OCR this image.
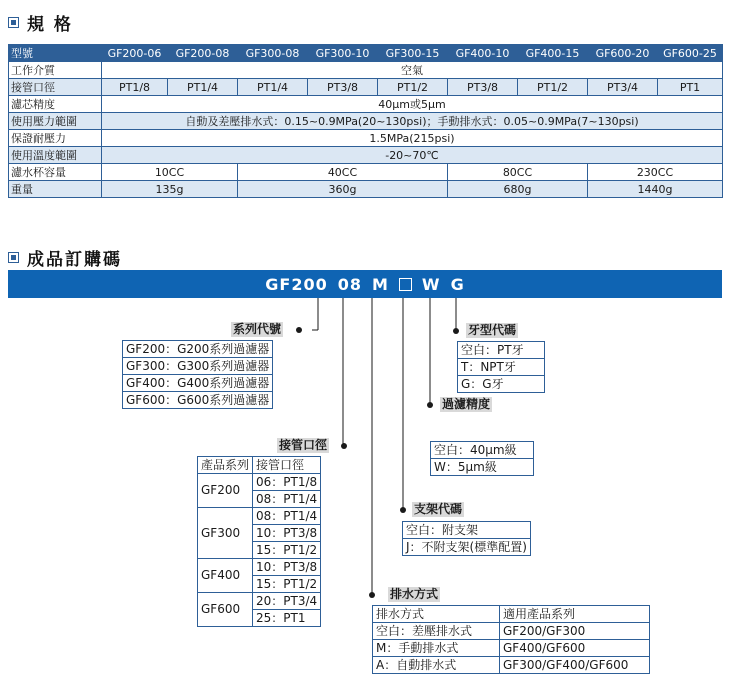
規 格
型號	GF200-06	GF200-08	GF300-08	GF300-10	GF300-15	GF400-10	GF400-15	GF600-20	GF600-25
工作介質	空氣								
接管口徑	PT1/8	PT1/4	PT1/4	PT3/8	PT1/2	PT3/8	PT1/2	PT3/4	PT1
濾芯精度	40μm或5μm								
使用壓力範圍	自動及差壓排水式：0.15~0.9MPa(20~130psi)；手動排水式：0.05~0.9MPa(7~130psi)								
保證耐壓力	1.5MPa(215psi)								
使用溫度範圍	-20~70℃								
濾水杯容量	10CC		40CC			80CC		230CC	
重量	135g		360g			680g		1440g	
成品訂購碼
GF200 08 M W G
系列代號
GF200：G200系列過濾器
GF300：G300系列過濾器
GF400：G400系列過濾器
GF600：G600系列過濾器
接管口徑
產品系列	接管口徑
GF200	06：PT1/8
	08：PT1/4
GF300	08：PT1/4
	10：PT3/8
	15：PT1/2
GF400	10：PT3/8
	15：PT1/2
GF600	20：PT3/4
	25：PT1
牙型代碼
空白：PT牙
T：NPT牙
G：G牙
過濾精度
空白：40μm級
W：5μm級
支架代碼
空白：附支架
J：不附支架(標準配置)
排水方式
排水方式	適用產品系列
空白：差壓排水式	GF200/GF300
M：手動排水式	GF400/GF600
A：自動排水式	GF300/GF400/GF600
